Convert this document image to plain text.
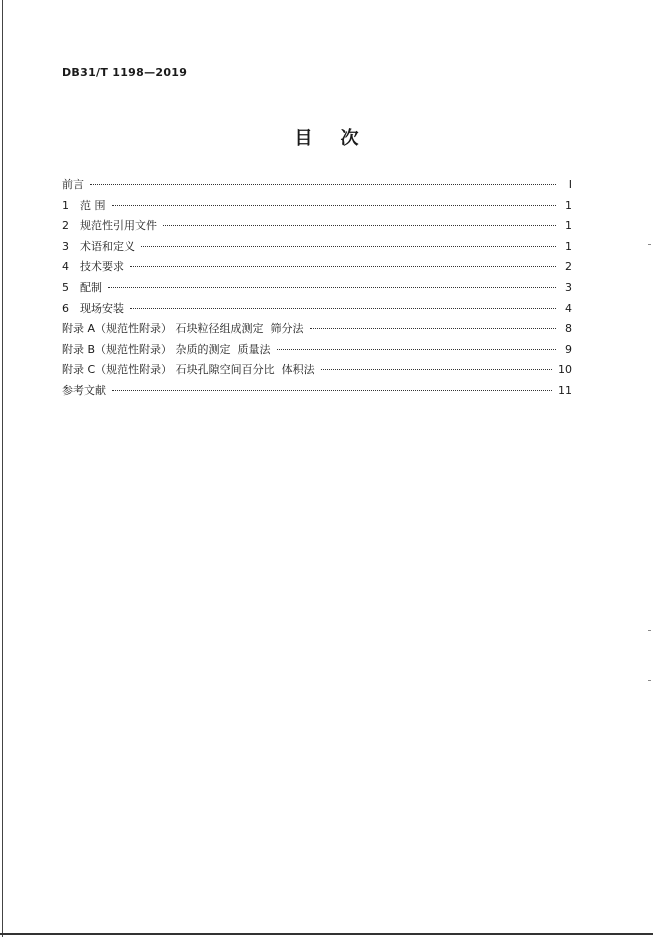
DB31/T 1198—2019
目次
前言	Ⅰ
1	范 围	1
2	规范性引用文件	1
3	术语和定义	1
4	技术要求	2
5	配制	3
6	现场安装	4
附录 A（规范性附录） 石块粒径组成测定  筛分法	8
附录 B（规范性附录） 杂质的测定  质量法	9
附录 C（规范性附录） 石块孔隙空间百分比  体积法	10
参考文献	11
